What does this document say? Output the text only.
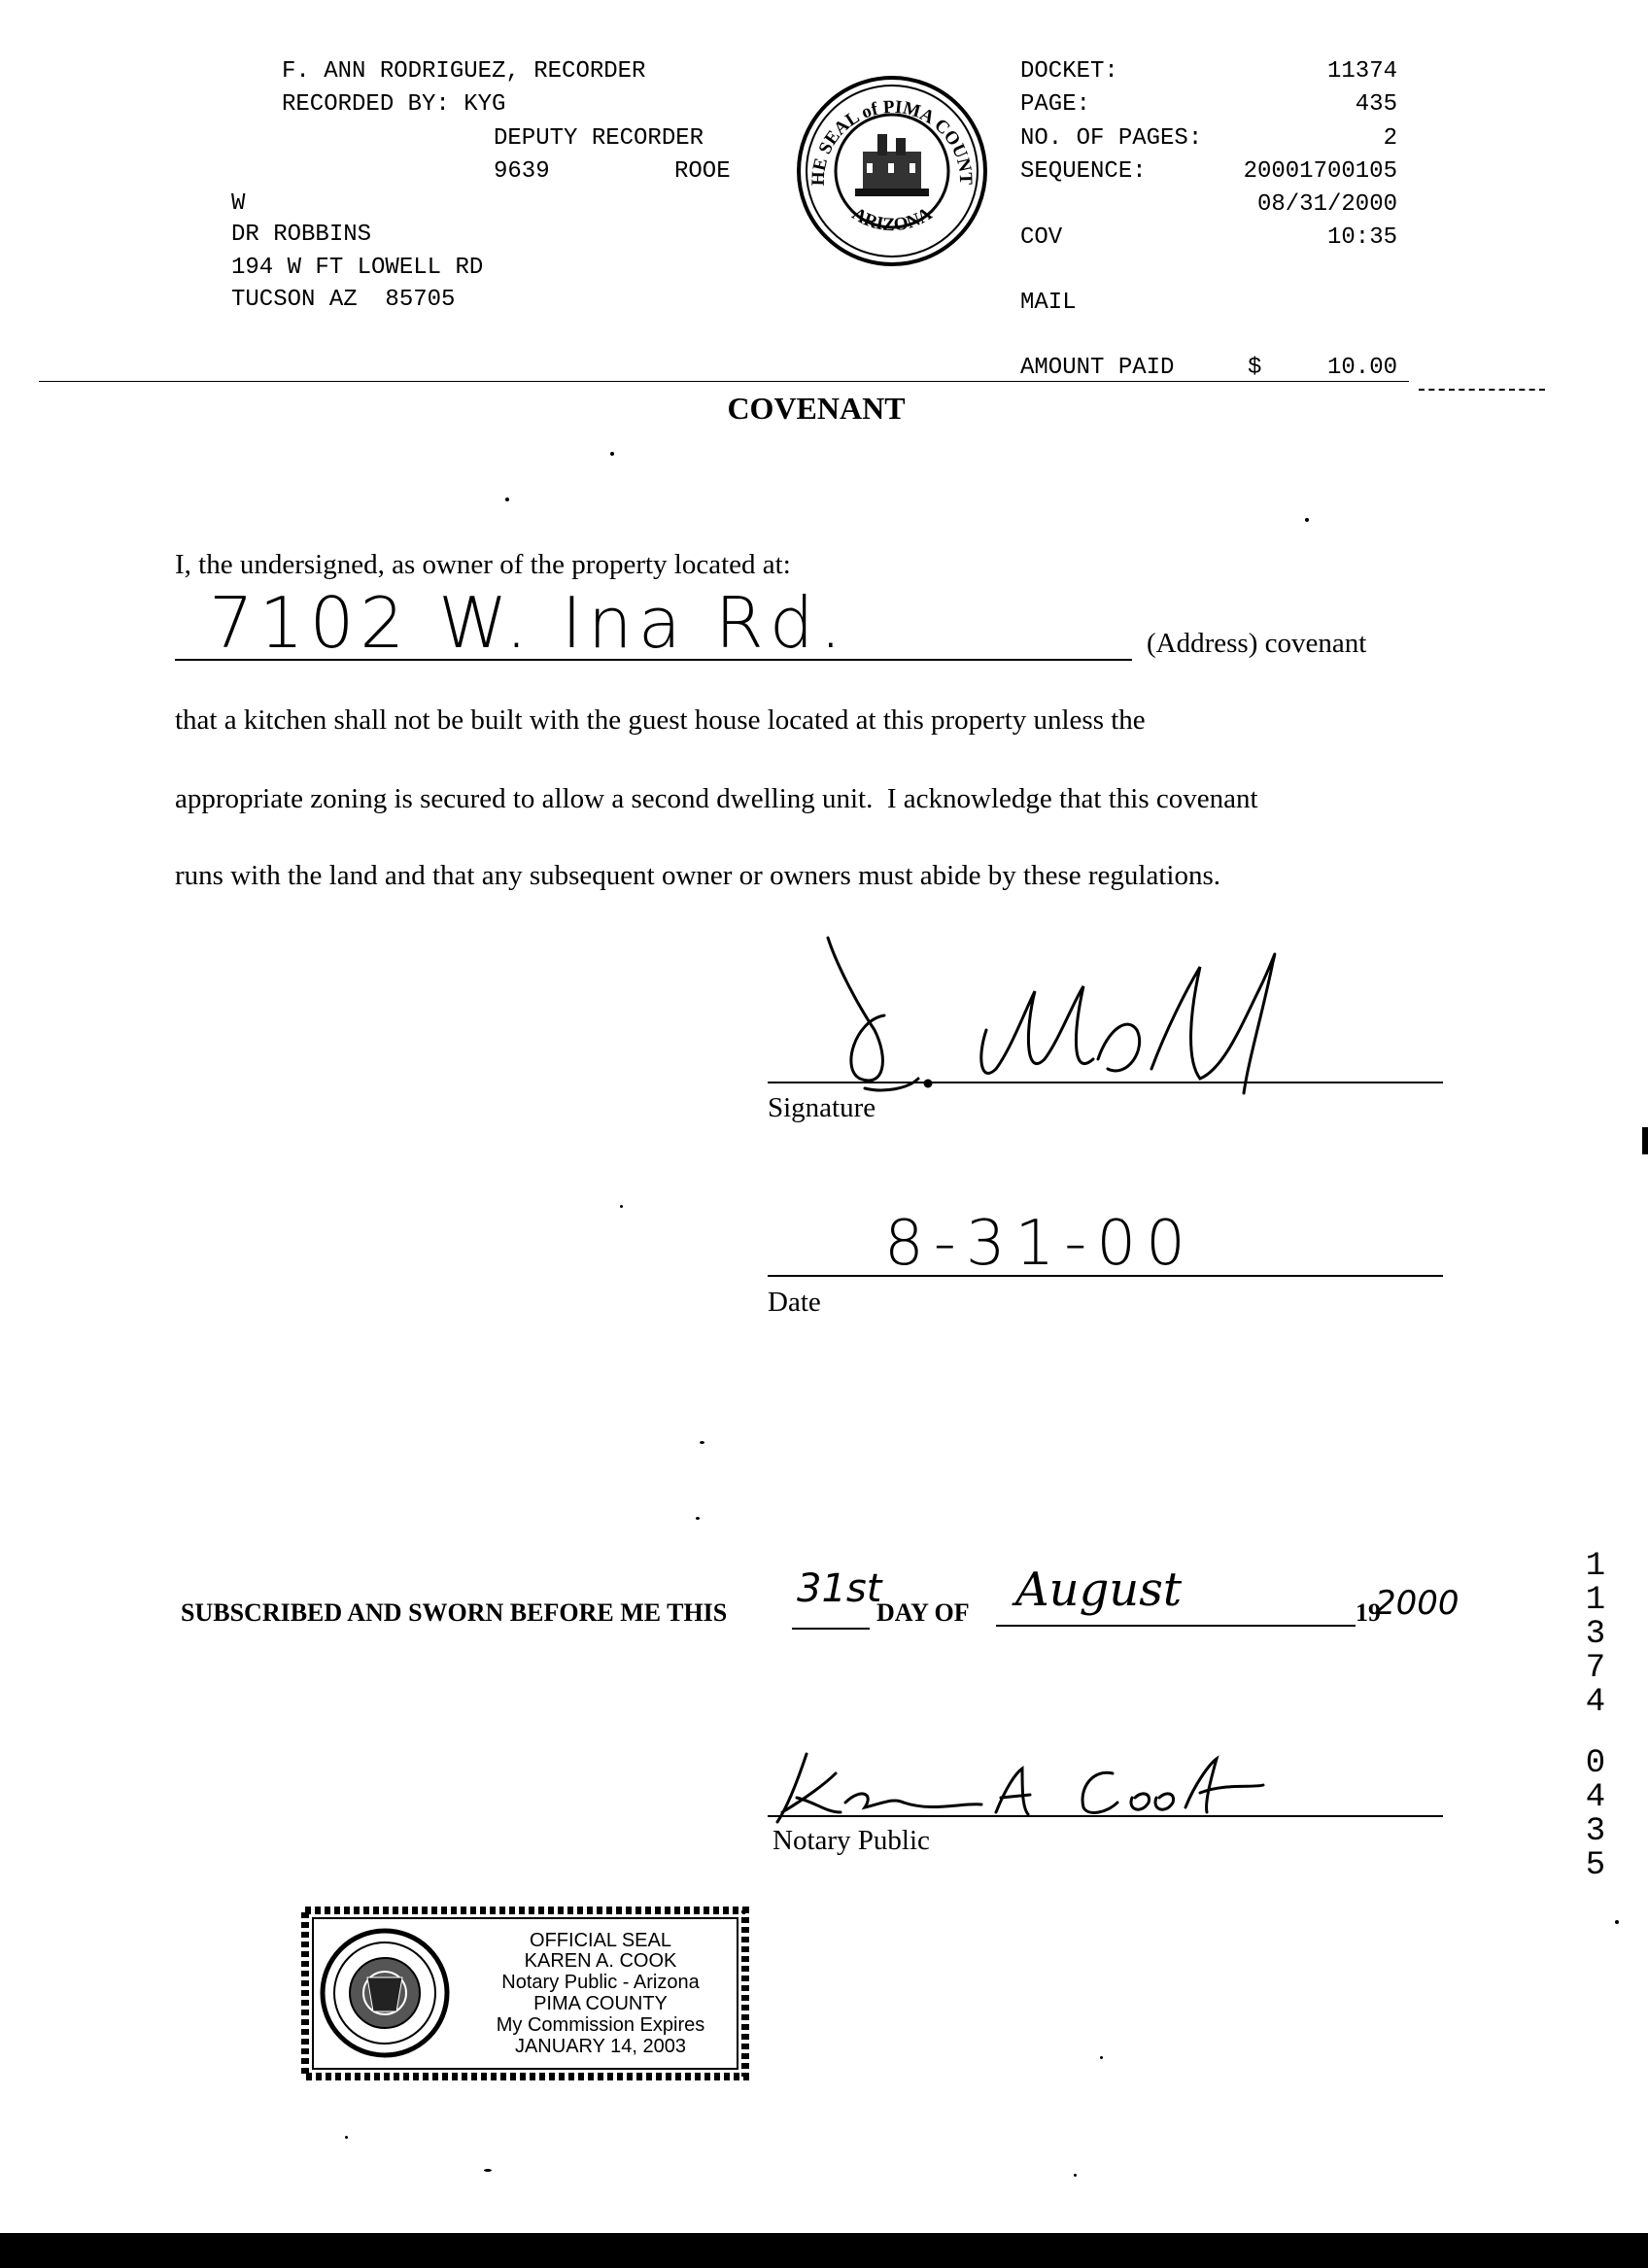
F. ANN RODRIGUEZ, RECORDER
RECORDED BY: KYG
DEPUTY RECORDER
9639	ROOE
W
DR ROBBINS
194 W FT LOWELL RD
TUCSON AZ  85705
HE SEAL of PIMA COUNT
ARIZONA
DOCKET:	11374
PAGE:	435
NO. OF PAGES:	2
SEQUENCE:	20001700105
08/31/2000
COV	10:35
MAIL
AMOUNT PAID	$	10.00
COVENANT
I, the undersigned, as owner of the property located at:
7102 W. Ina Rd.	(Address) covenant
that a kitchen shall not be built with the guest house located at this property unless the
appropriate zoning is secured to allow a second dwelling unit.  I acknowledge that this covenant
runs with the land and that any subsequent owner or owners must abide by these regulations.
Signature
8-31-00
Date
SUBSCRIBED AND SWORN BEFORE ME THIS
31st
DAY OF August	19
2000
Notary Public
OFFICIAL SEAL
KAREN A. COOK
Notary Public - Arizona
PIMA COUNTY
My Commission Expires
JANUARY 14, 2003
1
1
3
7
4
0
4
3
5
